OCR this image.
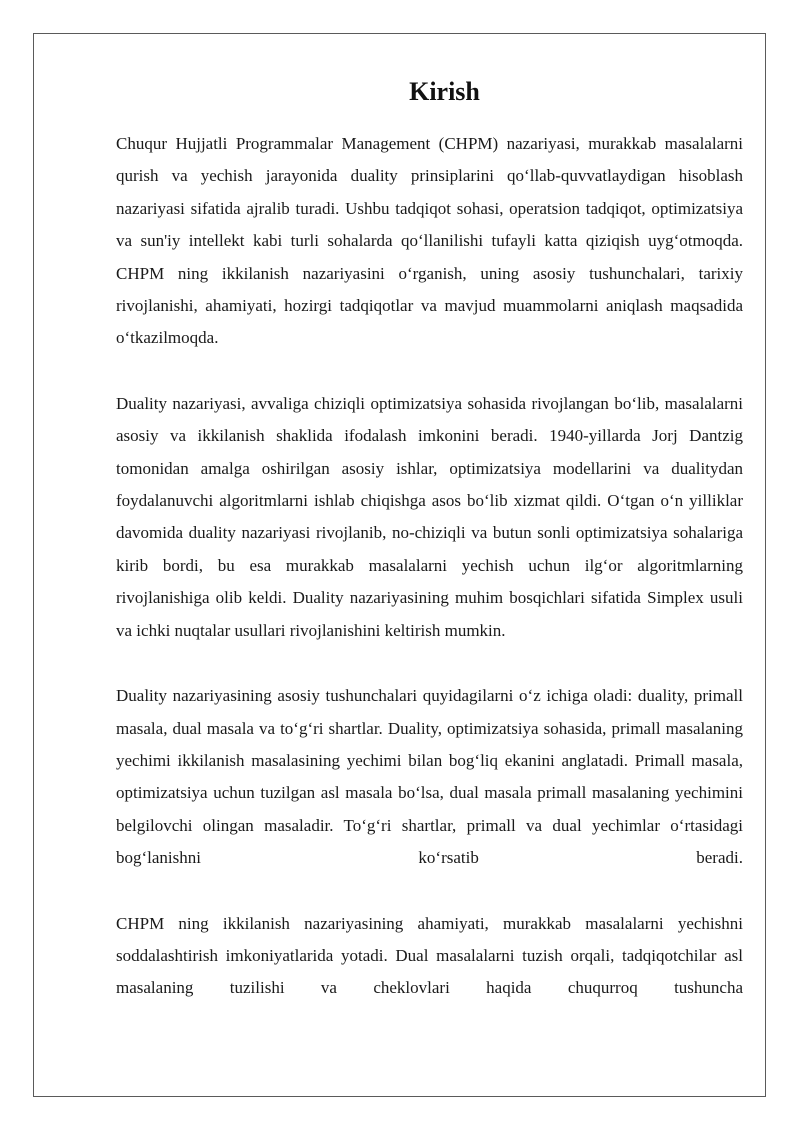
Kirish

Chuqur Hujjatli Programmalar Management (CHPM) nazariyasi, murakkab masalalarni qurish va yechish jarayonida duality prinsiplarini qo‘llab-quvvatlaydigan hisoblash nazariyasi sifatida ajralib turadi. Ushbu tadqiqot sohasi, operatsion tadqiqot, optimizatsiya va sun'iy intellekt kabi turli sohalarda qo‘llanilishi tufayli katta qiziqish uyg‘otmoqda. CHPM ning ikkilanish nazariyasini o‘rganish, uning asosiy tushunchalari, tarixiy rivojlanishi, ahamiyati, hozirgi tadqiqotlar va mavjud muammolarni aniqlash maqsadida o‘tkazilmoqda.

Duality nazariyasi, avvaliga chiziqli optimizatsiya sohasida rivojlangan bo‘lib, masalalarni asosiy va ikkilanish shaklida ifodalash imkonini beradi. 1940-yillarda Jorj Dantzig tomonidan amalga oshirilgan asosiy ishlar, optimizatsiya modellarini va dualitydan foydalanuvchi algoritmlarni ishlab chiqishga asos bo‘lib xizmat qildi. O‘tgan o‘n yilliklar davomida duality nazariyasi rivojlanib, no-chiziqli va butun sonli optimizatsiya sohalariga kirib bordi, bu esa murakkab masalalarni yechish uchun ilg‘or algoritmlarning rivojlanishiga olib keldi. Duality nazariyasining muhim bosqichlari sifatida Simplex usuli va ichki nuqtalar usullari rivojlanishini keltirish mumkin.

Duality nazariyasining asosiy tushunchalari quyidagilarni o‘z ichiga oladi: duality, primall masala, dual masala va to‘g‘ri shartlar. Duality, optimizatsiya sohasida, primall masalaning yechimi ikkilanish masalasining yechimi bilan bog‘liq ekanini anglatadi. Primall masala, optimizatsiya uchun tuzilgan asl masala bo‘lsa, dual masala primall masalaning yechimini belgilovchi olingan masaladir. To‘g‘ri shartlar, primall va dual yechimlar o‘rtasidagi bog‘lanishni ko‘rsatib beradi.

CHPM ning ikkilanish nazariyasining ahamiyati, murakkab masalalarni yechishni soddalashtirish imkoniyatlarida yotadi. Dual masalalarni tuzish orqali, tadqiqotchilar asl masalaning tuzilishi va cheklovlari haqida chuqurroq tushuncha
